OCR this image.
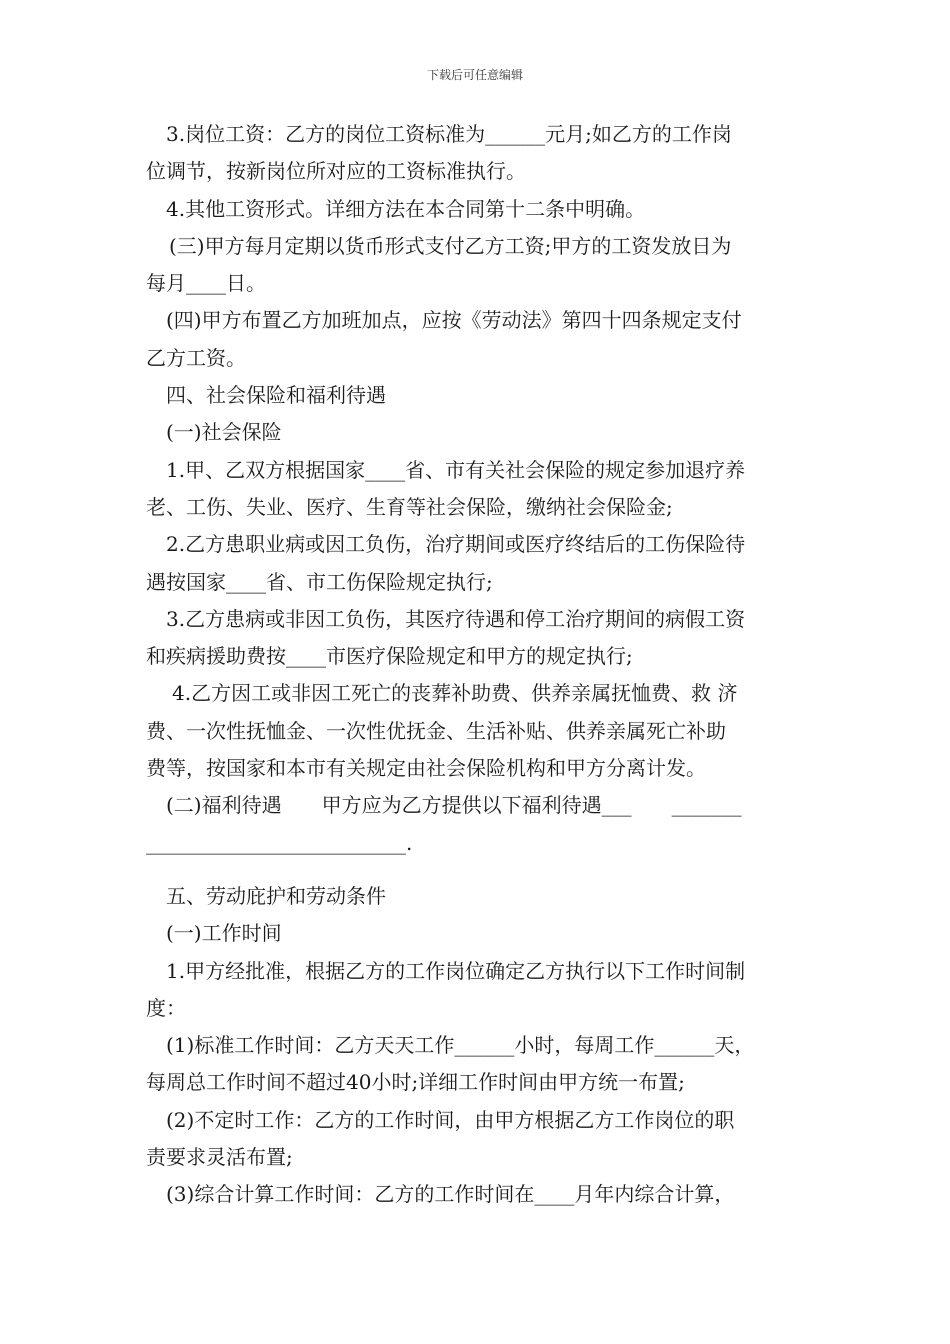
下载后可任意编辑
3.岗位工资：乙方的岗位工资标准为______元月;如乙方的工作岗
位调节，按新岗位所对应的工资标准执行。
4.其他工资形式。详细方法在本合同第十二条中明确。
(三)甲方每月定期以货币形式支付乙方工资;甲方的工资发放日为
每月____日。
(四)甲方布置乙方加班加点，应按《劳动法》第四十四条规定支付
乙方工资。
四、社会保险和福利待遇
(一)社会保险
1.甲、乙双方根据国家____省、市有关社会保险的规定参加退疗养
老、工伤、失业、医疗、生育等社会保险，缴纳社会保险金;
2.乙方患职业病或因工负伤，治疗期间或医疗终结后的工伤保险待
遇按国家____省、市工伤保险规定执行;
3.乙方患病或非因工负伤，其医疗待遇和停工治疗期间的病假工资
和疾病援助费按____市医疗保险规定和甲方的规定执行;
4.乙方因工或非因工死亡的丧葬补助费、供养亲属抚恤费、救 济
费、一次性抚恤金、一次性优抚金、生活补贴、供养亲属死亡补助
费等，按国家和本市有关规定由社会保险机构和甲方分离计发。
(二)福利待遇　　甲方应为乙方提供以下福利待遇___　　_______
__________________________.
五、劳动庇护和劳动条件
(一)工作时间
1.甲方经批准，根据乙方的工作岗位确定乙方执行以下工作时间制
度：
(1)标准工作时间：乙方天天工作______小时，每周工作______天，
每周总工作时间不超过40小时;详细工作时间由甲方统一布置;
(2)不定时工作：乙方的工作时间，由甲方根据乙方工作岗位的职
责要求灵活布置;
(3)综合计算工作时间：乙方的工作时间在____月年内综合计算，
